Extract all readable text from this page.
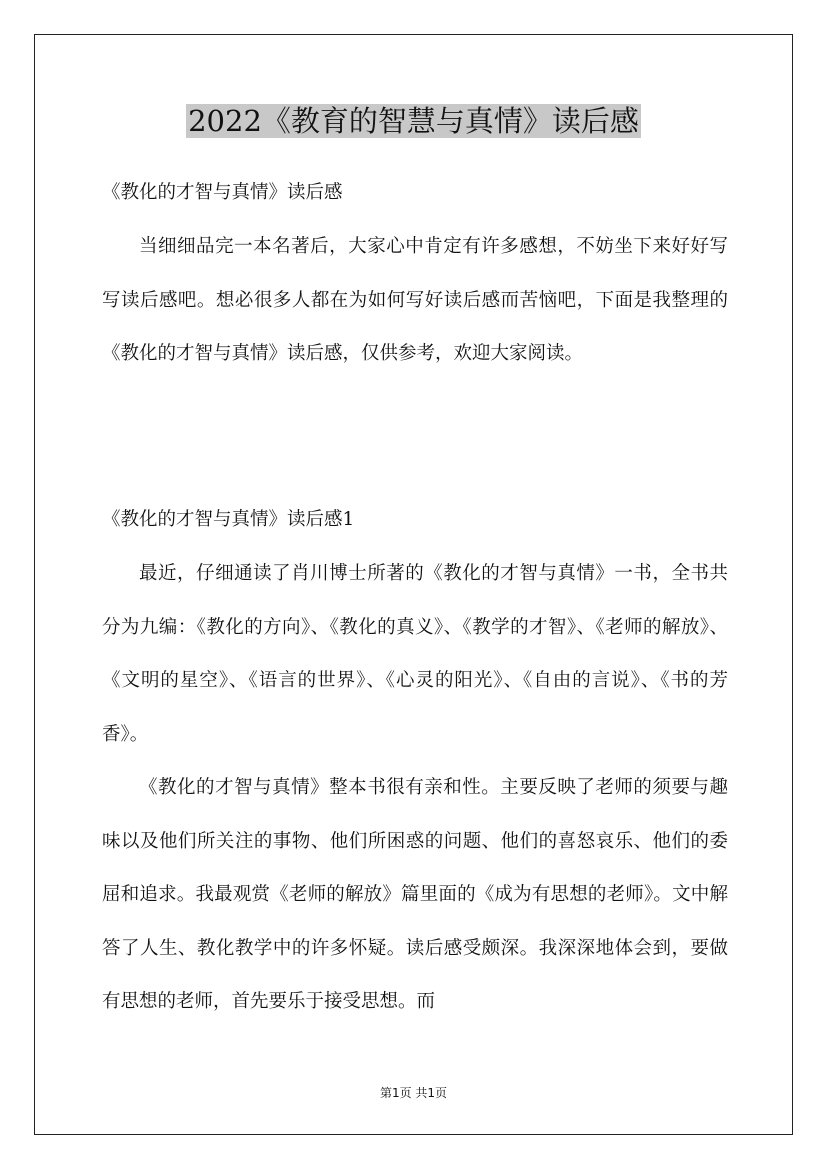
2022《教育的智慧与真情》读后感

《教化的才智与真情》读后感

当细细品完一本名著后，大家心中肯定有许多感想，不妨坐下来好好写写读后感吧。想必很多人都在为如何写好读后感而苦恼吧，下面是我整理的《教化的才智与真情》读后感，仅供参考，欢迎大家阅读。

《教化的才智与真情》读后感1

最近，仔细通读了肖川博士所著的《教化的才智与真情》一书，全书共分为九编：《教化的方向》、《教化的真义》、《教学的才智》、《老师的解放》、《文明的星空》、《语言的世界》、《心灵的阳光》、《自由的言说》、《书的芳香》。

《教化的才智与真情》整本书很有亲和性。主要反映了老师的须要与趣味以及他们所关注的事物、他们所困惑的问题、他们的喜怒哀乐、他们的委屈和追求。我最观赏《老师的解放》篇里面的《成为有思想的老师》。文中解答了人生、教化教学中的许多怀疑。读后感受颇深。我深深地体会到，要做有思想的老师，首先要乐于接受思想。而

第1页 共1页
